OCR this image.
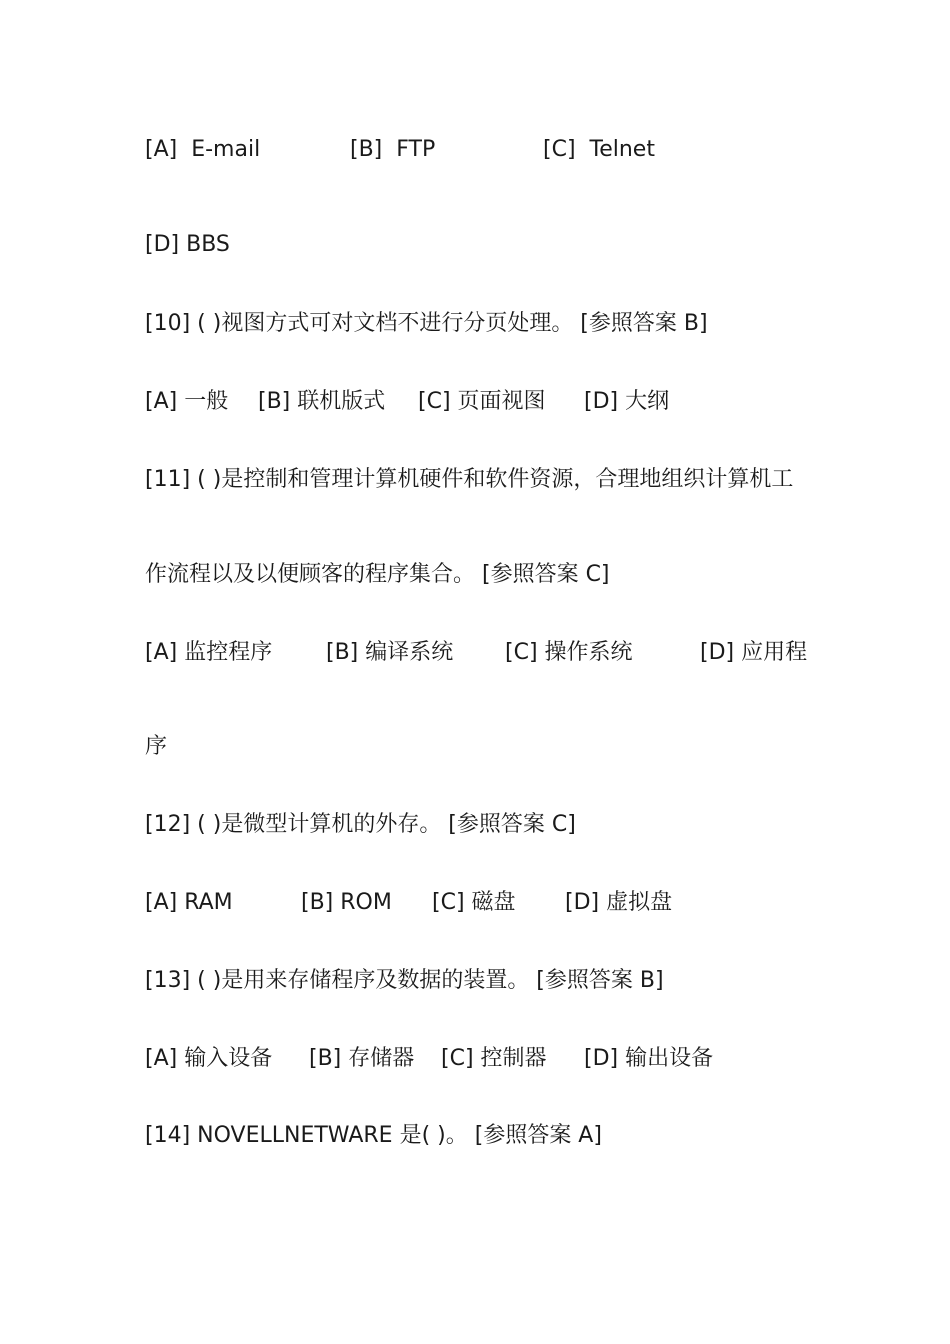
[A]  E-mail	[B]  FTP	[C]  Telnet
[D] BBS
[10] ( )视图方式可对文档不进行分页处理。 [参照答案 B]
[A] 一般 [B] 联机版式 [C] 页面视图 [D] 大纲
[11] ( )是控制和管理计算机硬件和软件资源，合理地组织计算机工
作流程以及以便顾客的程序集合。 [参照答案 C]
[A] 监控程序 [B] 编译系统 [C] 操作系统	[D] 应用程
序
[12] ( )是微型计算机的外存。 [参照答案 C]
[A] RAM	[B] ROM [C] 磁盘 [D] 虚拟盘
[13] ( )是用来存储程序及数据的装置。 [参照答案 B]
[A] 输入设备 [B] 存储器 [C] 控制器 [D] 输出设备
[14] NOVELLNETWARE 是( )。 [参照答案 A]
